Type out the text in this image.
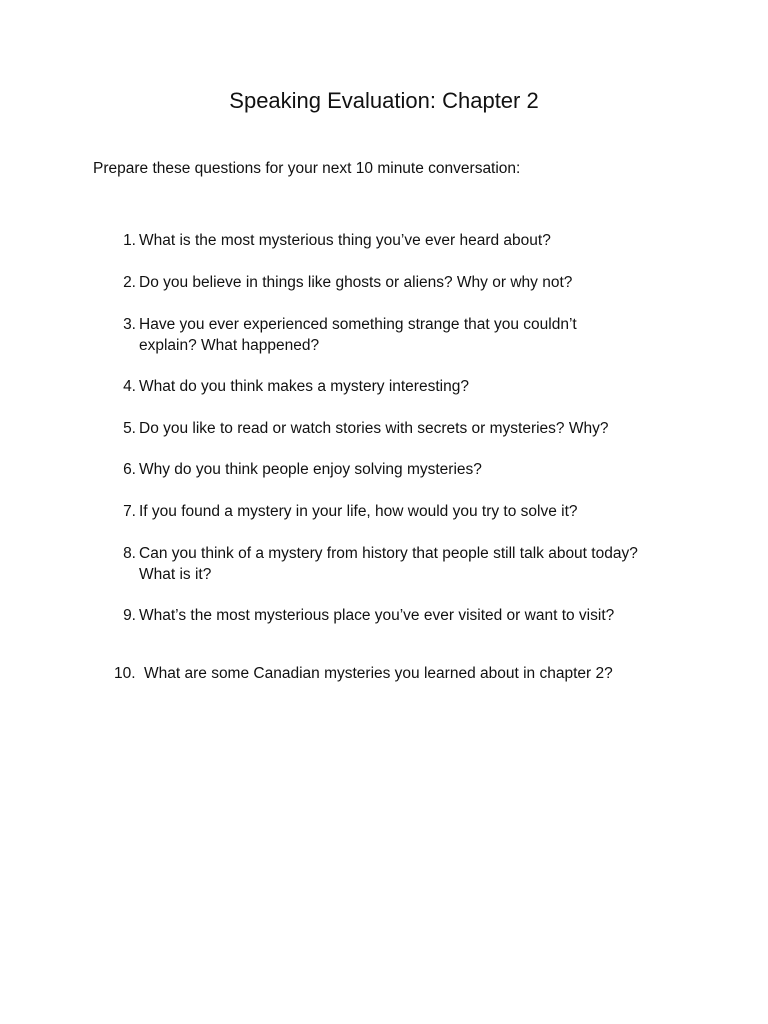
Speaking Evaluation: Chapter 2

Prepare these questions for your next 10 minute conversation:

1. What is the most mysterious thing you’ve ever heard about?
2. Do you believe in things like ghosts or aliens? Why or why not?
3. Have you ever experienced something strange that you couldn’t explain? What happened?
4. What do you think makes a mystery interesting?
5. Do you like to read or watch stories with secrets or mysteries? Why?
6. Why do you think people enjoy solving mysteries?
7. If you found a mystery in your life, how would you try to solve it?
8. Can you think of a mystery from history that people still talk about today? What is it?
9. What’s the most mysterious place you’ve ever visited or want to visit?
10. What are some Canadian mysteries you learned about in chapter 2?
